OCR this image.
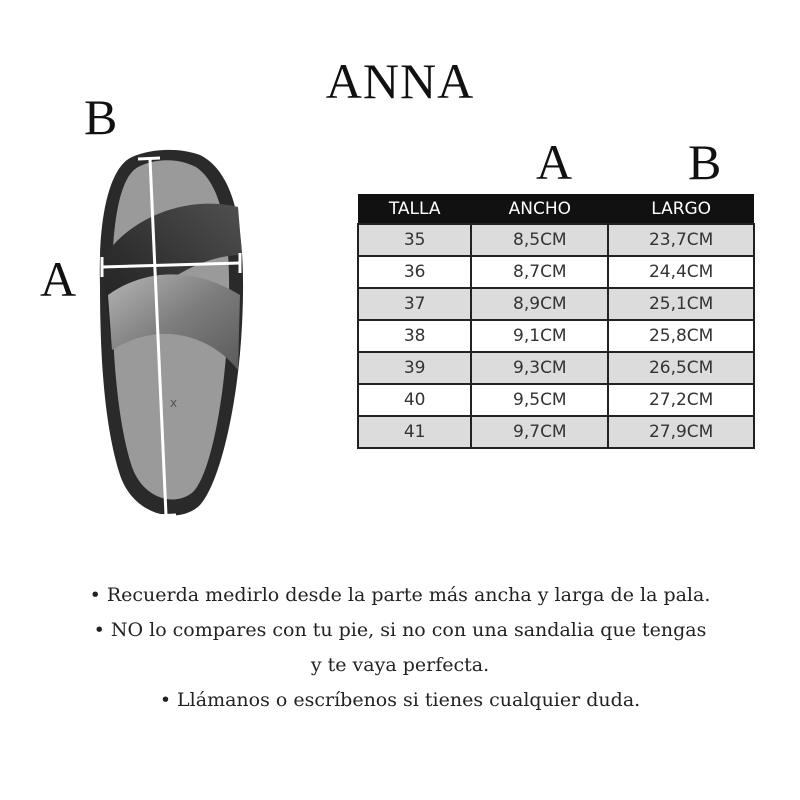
ANNA
B
A
A B
x
TALLA	ANCHO	LARGO
35	8,5CM	23,7CM
36	8,7CM	24,4CM
37	8,9CM	25,1CM
38	9,1CM	25,8CM
39	9,3CM	26,5CM
40	9,5CM	27,2CM
41	9,7CM	27,9CM

• Recuerda medirlo desde la parte más ancha y larga de la pala.

• NO lo compares con tu pie, si no con una sandalia que tengas

y te vaya perfecta.

• Llámanos o escríbenos si tienes cualquier duda.
